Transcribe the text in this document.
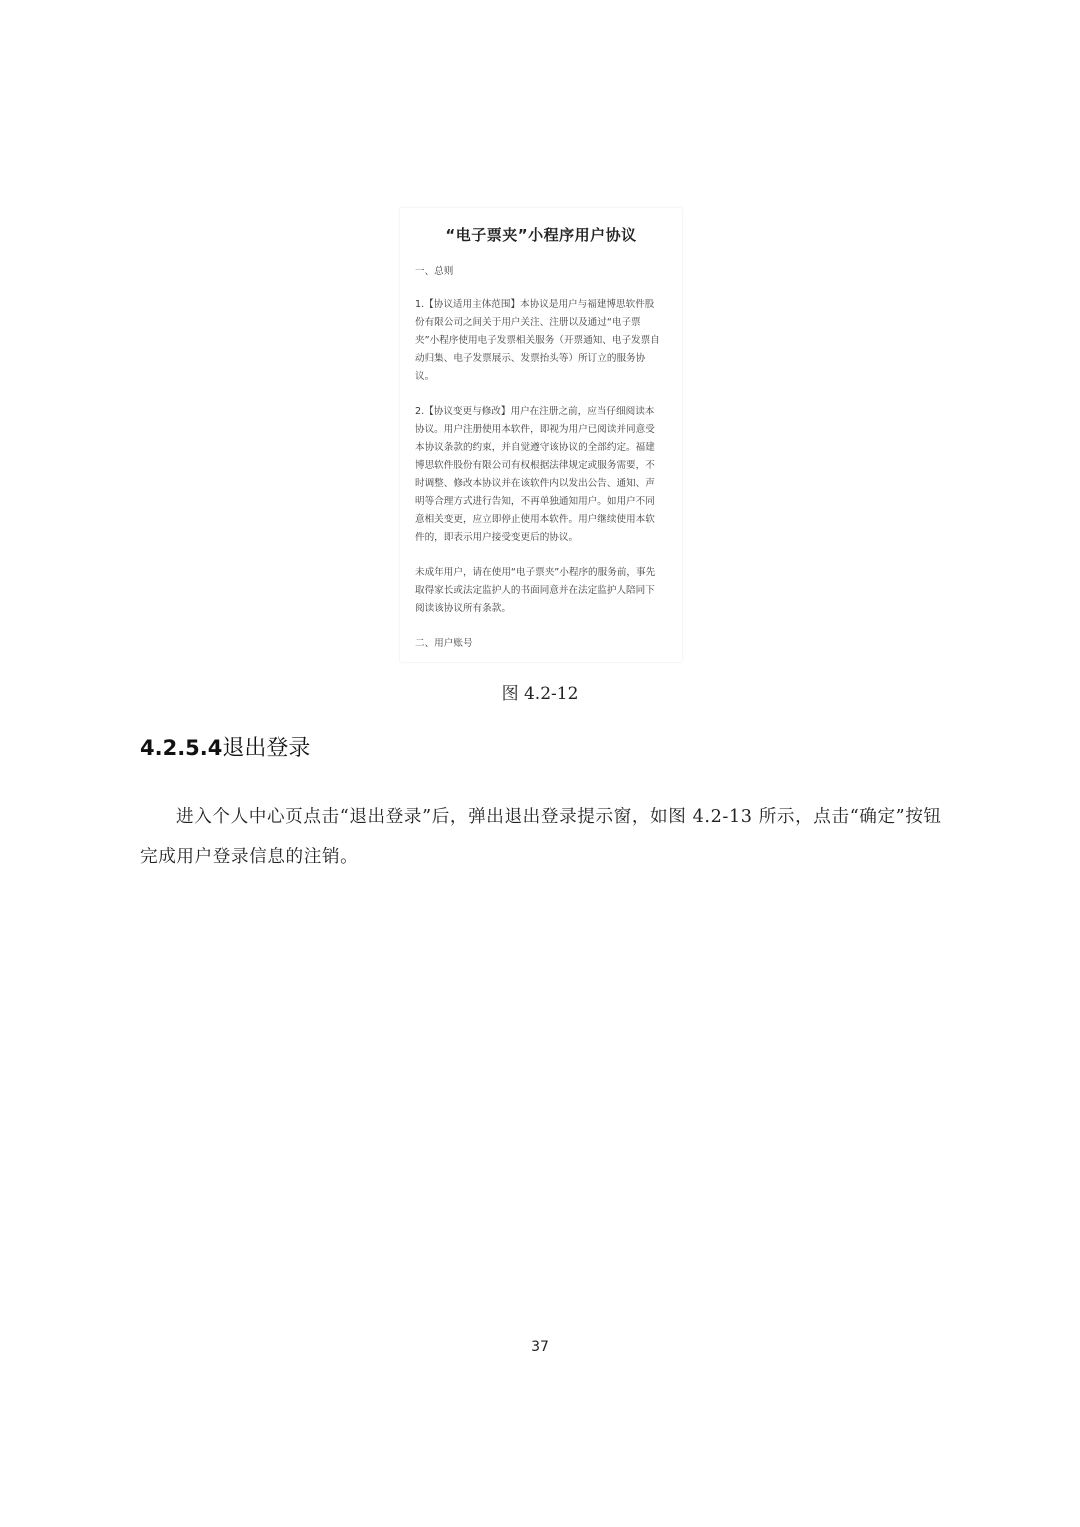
“电子票夹”小程序用户协议

一、总则

1.【协议适用主体范围】本协议是用户与福建博思软件股份有限公司之间关于用户关注、注册以及通过“电子票夹”小程序使用电子发票相关服务（开票通知、电子发票自动归集、电子发票展示、发票抬头等）所订立的服务协议。

2.【协议变更与修改】用户在注册之前，应当仔细阅读本协议。用户注册使用本软件，即视为用户已阅读并同意受本协议条款的约束，并自觉遵守该协议的全部约定。福建博思软件股份有限公司有权根据法律规定或服务需要，不时调整、修改本协议并在该软件内以发出公告、通知、声明等合理方式进行告知，不再单独通知用户。如用户不同意相关变更，应立即停止使用本软件。用户继续使用本软件的，即表示用户接受变更后的协议。

未成年用户，请在使用“电子票夹”小程序的服务前，事先取得家长或法定监护人的书面同意并在法定监护人陪同下阅读该协议所有条款。

二、用户账号

图 4.2-12
4.2.5.4退出登录
进入个人中心页点击“退出登录”后，弹出退出登录提示窗，如图 4.2-13 所示，点击“确定”按钮完成用户登录信息的注销。
37
